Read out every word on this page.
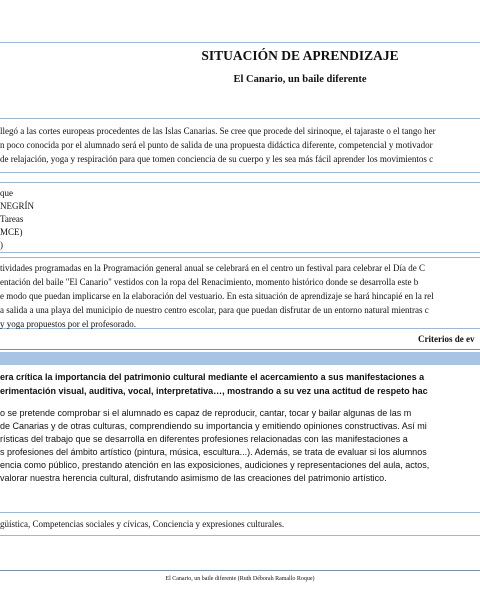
SITUACIÓN DE APRENDIZAJE
El Canario, un baile diferente
llegó a las cortes europeas procedentes de las Islas Canarias. Se cree que procede del sirinoque, el tajaraste o el tango her
n poco conocida por el alumnado será el punto de salida de una propuesta didáctica diferente, competencial y motivador
de relajación, yoga y respiración para que tomen conciencia de su cuerpo y les sea más fácil aprender los movimientos c
que
NEGRÍN
Tareas
MCE)
)
tividades programadas en la Programación general anual se celebrará en el centro un festival para celebrar el Día de C
entación del baile "El Canario" vestidos con la ropa del Renacimiento, momento histórico donde se desarrolla este b
e modo que puedan implicarse en la elaboración del vestuario. En esta situación de aprendizaje se hará hincapié en la rel
a salida a una playa del municipio de nuestro centro escolar, para que puedan disfrutar de un entorno natural mientras c
y yoga propuestos por el profesorado.
Criterios de ev
era crítica la importancia del patrimonio cultural mediante el acercamiento a sus manifestaciones a
erimentación visual, auditiva, vocal, interpretativa…, mostrando a su vez una actitud de respeto hac
o se pretende comprobar si el alumnado es capaz de reproducir, cantar, tocar y bailar algunas de las m
de Canarias y de otras culturas, comprendiendo su importancia y emitiendo opiniones constructivas. Así mi
rísticas del trabajo que se desarrolla en diferentes profesiones relacionadas con las manifestaciones a
s profesiones del ámbito artístico (pintura, música, escultura...). Además, se trata de evaluar si los alumnos
encia como público, prestando atención en las exposiciones, audiciones y representaciones del aula, actos,
valorar nuestra herencia cultural, disfrutando asimismo de las creaciones del patrimonio artístico.
güística, Competencias sociales y cívicas, Conciencia y expresiones culturales.
El Canario, un baile diferente (Ruth Déborah Ramallo Roque)
